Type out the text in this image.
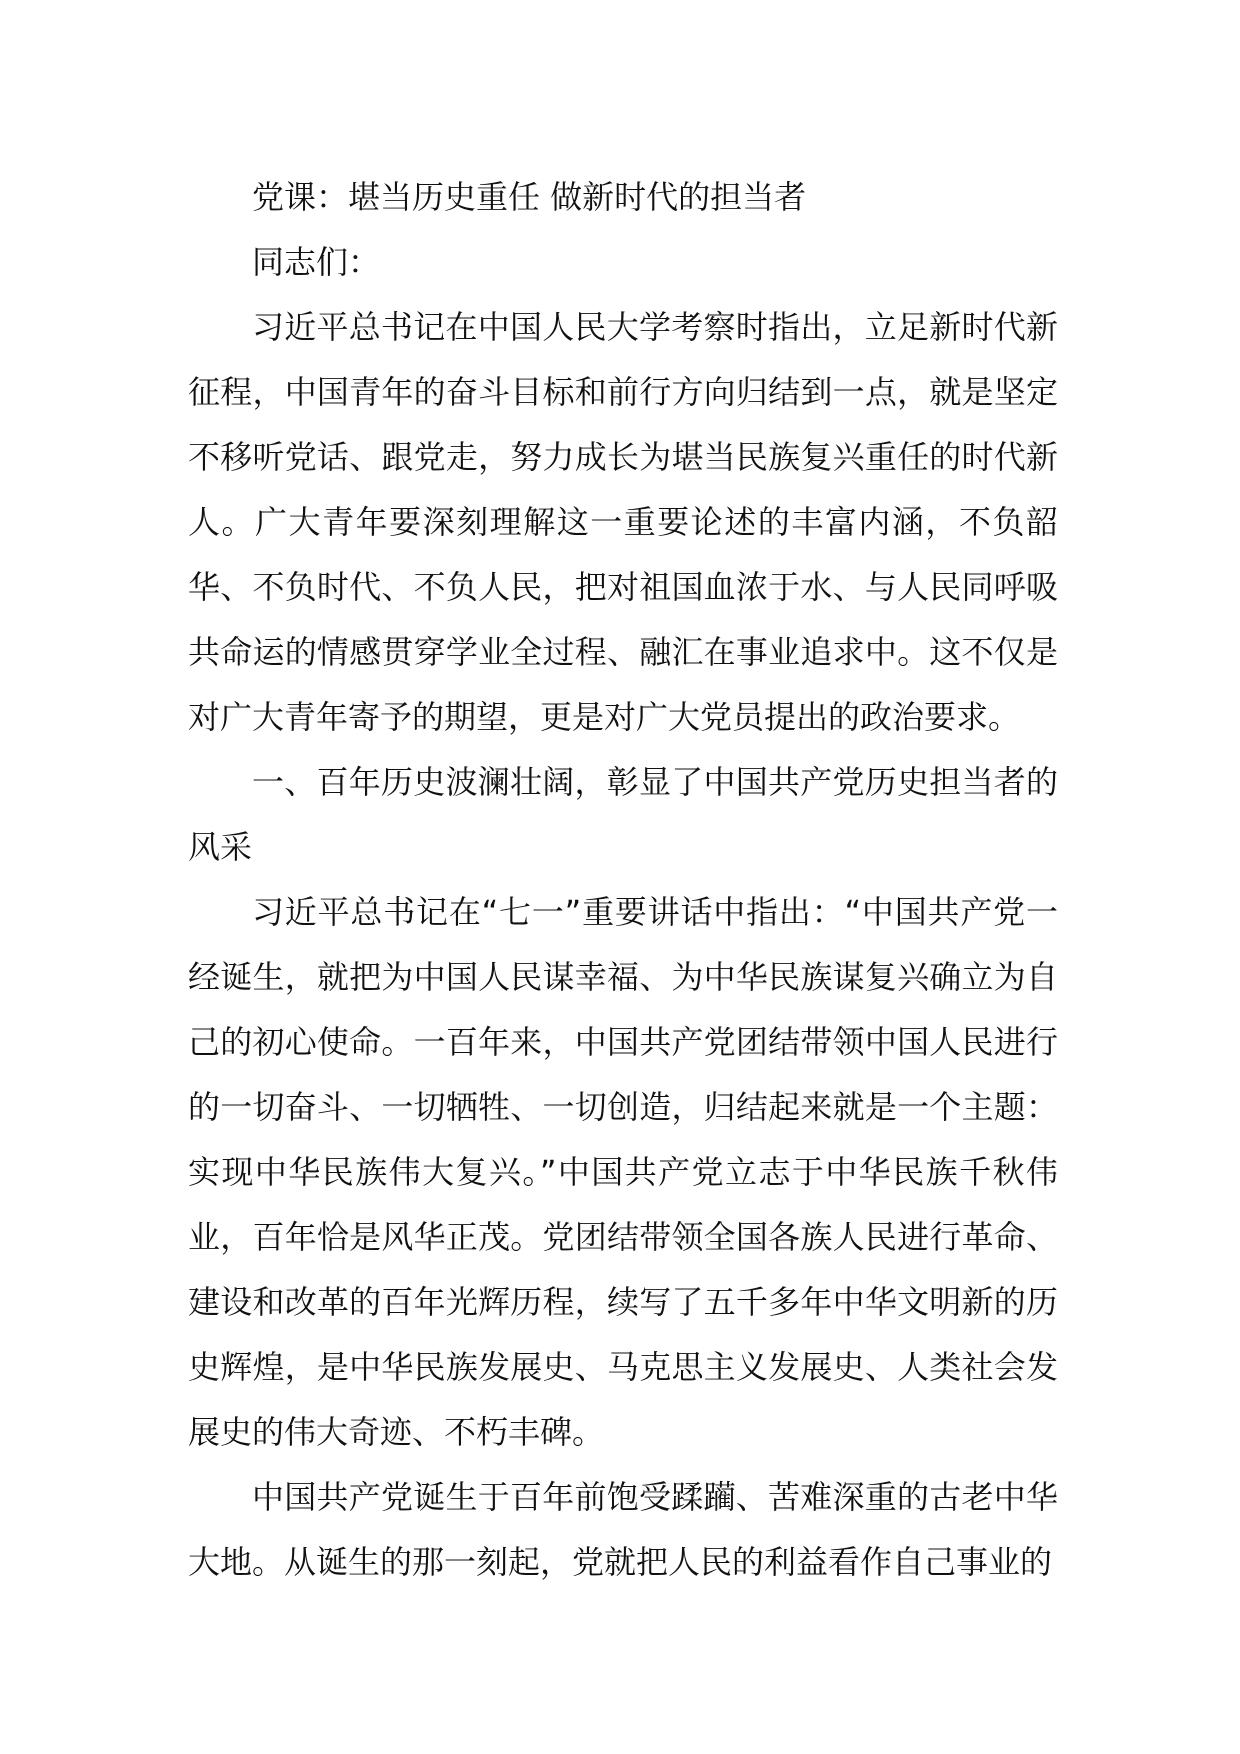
党课：堪当历史重任 做新时代的担当者

同志们：

习近平总书记在中国人民大学考察时指出，立足新时代新征程，中国青年的奋斗目标和前行方向归结到一点，就是坚定不移听党话、跟党走，努力成长为堪当民族复兴重任的时代新人。广大青年要深刻理解这一重要论述的丰富内涵，不负韶华、不负时代、不负人民，把对祖国血浓于水、与人民同呼吸共命运的情感贯穿学业全过程、融汇在事业追求中。这不仅是对广大青年寄予的期望，更是对广大党员提出的政治要求。

一、百年历史波澜壮阔，彰显了中国共产党历史担当者的风采

习近平总书记在“七一”重要讲话中指出：“中国共产党一经诞生，就把为中国人民谋幸福、为中华民族谋复兴确立为自己的初心使命。一百年来，中国共产党团结带领中国人民进行的一切奋斗、一切牺牲、一切创造，归结起来就是一个主题：实现中华民族伟大复兴。”中国共产党立志于中华民族千秋伟业，百年恰是风华正茂。党团结带领全国各族人民进行革命、建设和改革的百年光辉历程，续写了五千多年中华文明新的历史辉煌，是中华民族发展史、马克思主义发展史、人类社会发展史的伟大奇迹、不朽丰碑。

中国共产党诞生于百年前饱受蹂躏、苦难深重的古老中华大地。从诞生的那一刻起，党就把人民的利益看作自己事业的
